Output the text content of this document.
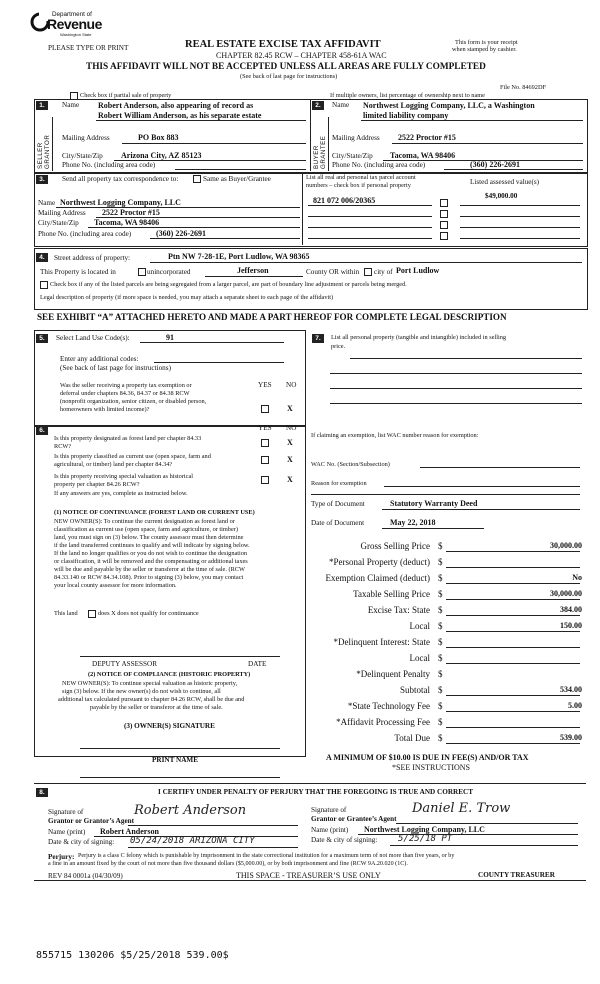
Department of
Revenue
Washington State
PLEASE TYPE OR PRINT	REAL ESTATE EXCISE TAX AFFIDAVIT
CHAPTER 82.45 RCW – CHAPTER 458-61A WAC
THIS AFFIDAVIT WILL NOT BE ACCEPTED UNLESS ALL AREAS ARE FULLY COMPLETED
(See back of last page for instructions)
This form is your receipt
when stamped by cashier.
File No. 84692DF
Check box if partial sale of property	If multiple owners, list percentage of ownership next to name
1.
SELLER GRANTOR
Name Robert Anderson, also appearing of record as
Robert William Anderson, as his separate estate
Mailing Address	PO Box 883
City/State/Zip Arizona City, AZ 85123
Phone No. (including area code)
2.
BUYER GRANTEE
Name Northwest Logging Company, LLC, a Washington
limited liability company
Mailing Address 2522 Proctor #15
City/State/Zip Tacoma, WA 98406
Phone No. (including area code)	(360) 226-2691
3.	Send all property tax correspondence to:	Same as Buyer/Grantee
Name Northwest Logging Company, LLC
Mailing Address 2522 Proctor #15
City/State/Zip Tacoma, WA 98406
Phone No. (including area code)	(360) 226-2691
List all real and personal tax parcel account
numbers – check box if personal property	Listed assessed value(s)
821 072 006/20365	$49,000.00
4.	Street address of property:	Ptn NW 7-28-1E, Port Ludlow, WA 98365
This Property is located in	unincorporated	Jefferson	County OR within city of Port Ludlow
Check box if any of the listed parcels are being segregated from a larger parcel, are part of boundary line adjustment or parcels being merged.
Legal description of property (if more space is needed, you may attach a separate sheet to each page of the affidavit)
SEE EXHIBIT “A” ATTACHED HERETO AND MADE A PART HEREOF FOR COMPLETE LEGAL DESCRIPTION
5.	Select Land Use Code(s):	91
Enter any additional codes:
(See back of last page for instructions)
YES NO
Was the seller receiving a property tax exemption or
deferral under chapters 84.36, 84.37 or 84.38 RCW
(nonprofit organization, senior citizen, or disabled person,
homeowners with limited income)?	X
6.	YES NO
Is this property designated as forest land per chapter 84.33
RCW?	X
Is this property classified as current use (open space, farm and
agricultural, or timber) land per chapter 84.34?
X
Is this property receiving special valuation as historical
property per chapter 84.26 RCW?
X
If any answers are yes, complete as instructed below.
(1) NOTICE OF CONTINUANCE (FOREST LAND OR CURRENT USE)
NEW OWNER(S): To continue the current designation as forest land or
classification as current use (open space, farm and agriculture, or timber)
land, you must sign on (3) below. The county assessor must then determine
if the land transferred continues to qualify and will indicate by signing below.
If the land no longer qualifies or you do not wish to continue the designation
or classification, it will be removed and the compensating or additional taxes
will be due and payable by the seller or transferor at the time of sale. (RCW
84.33.140 or RCW 84.34.108). Prior to signing (3) below, you may contact
your local county assessor for more information.
This land	does X does not qualify for continuance
DEPUTY ASSESSOR	DATE
(2) NOTICE OF COMPLIANCE (HISTORIC PROPERTY)
NEW OWNER(S): To continue special valuation as historic property,
sign (3) below. If the new owner(s) do not wish to continue, all
additional tax calculated pursuant to chapter 84.26 RCW, shall be due and
payable by the seller or transferor at the time of sale.
(3) OWNER(S) SIGNATURE
PRINT NAME
7.	List all personal property (tangible and intangible) included in selling
price.
If claiming an exemption, list WAC number reason for exemption:
WAC No. (Section/Subsection)
Reason for exemption
Type of Document	Statutory Warranty Deed
Date of Document	May 22, 2018
Gross Selling Price $	30,000.00
*Personal Property (deduct) $
Exemption Claimed (deduct) $	No
Taxable Selling Price $	30,000.00
Excise Tax: State $	384.00
Local $	150.00
*Delinquent Interest: State $
Local $
*Delinquent Penalty $
Subtotal $	534.00
*State Technology Fee $	5.00
*Affidavit Processing Fee $
Total Due $	539.00
A MINIMUM OF $10.00 IS DUE IN FEE(S) AND/OR TAX
*SEE INSTRUCTIONS
8.	I CERTIFY UNDER PENALTY OF PERJURY THAT THE FOREGOING IS TRUE AND CORRECT
Signature of
Grantor or Grantor’s Agent
Robert Anderson
Name (print) Robert Anderson
Date & city of signing: 05/24/2018 ARIZONA CITY
Signature of
Grantor or Grantee’s Agent
Daniel E. Trow
Name (print) Northwest Logging Company, LLC
Date & city of signing: 5/25/18 PT
Perjury: Perjury is a class C felony which is punishable by imprisonment in the state correctional institution for a maximum term of not more than five years, or by
a fine in an amount fixed by the court of not more than five thousand dollars ($5,000.00), or by both imprisonment and fine (RCW 9A.20.020 (1C).
REV 84 0001a (04/30/09)	THIS SPACE - TREASURER’S USE ONLY	COUNTY TREASURER
855715 130206 $5/25/2018 539.00$
